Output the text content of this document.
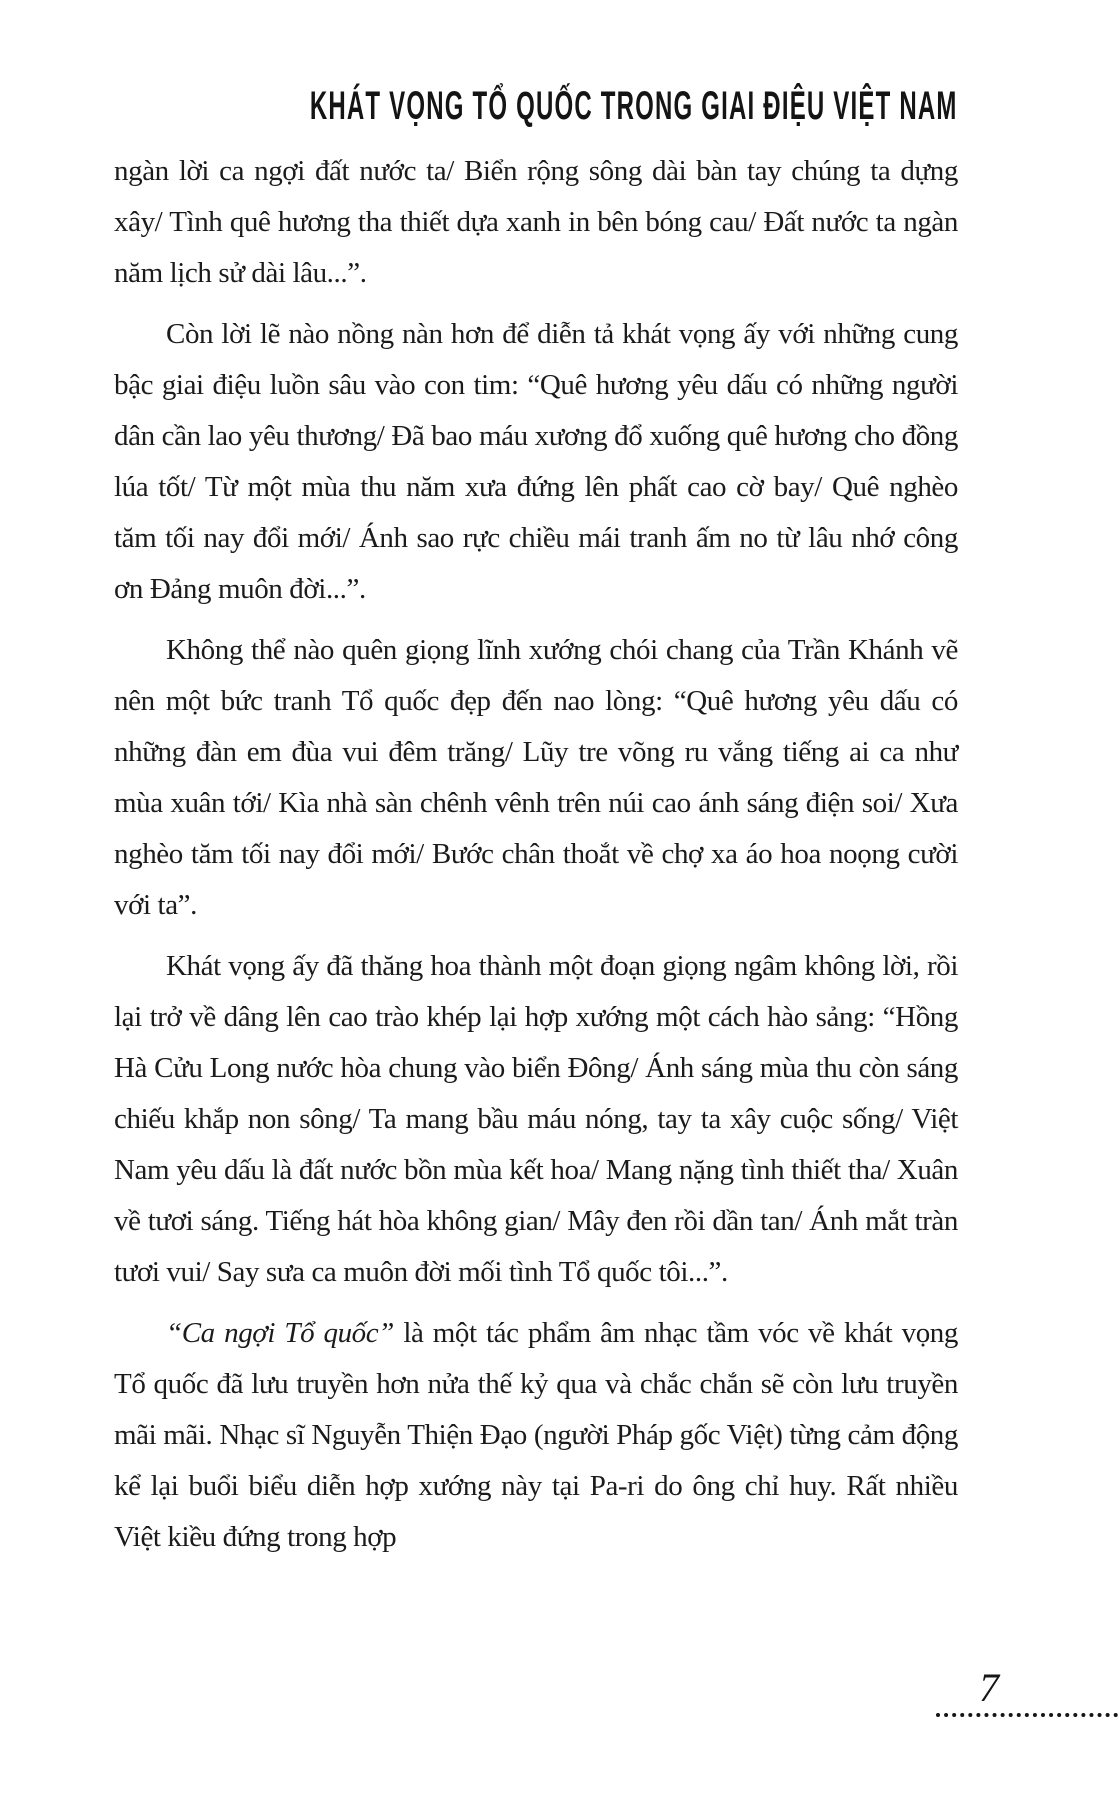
KHÁT VỌNG TỔ QUỐC TRONG GIAI ĐIỆU VIỆT NAM

ngàn lời ca ngợi đất nước ta/ Biển rộng sông dài bàn tay chúng ta dựng xây/ Tình quê hương tha thiết dựa xanh in bên bóng cau/ Đất nước ta ngàn năm lịch sử dài lâu...”.

Còn lời lẽ nào nồng nàn hơn để diễn tả khát vọng ấy với những cung bậc giai điệu luồn sâu vào con tim: “Quê hương yêu dấu có những người dân cần lao yêu thương/ Đã bao máu xương đổ xuống quê hương cho đồng lúa tốt/ Từ một mùa thu năm xưa đứng lên phất cao cờ bay/ Quê nghèo tăm tối nay đổi mới/ Ánh sao rực chiều mái tranh ấm no từ lâu nhớ công ơn Đảng muôn đời...”.

Không thể nào quên giọng lĩnh xướng chói chang của Trần Khánh vẽ nên một bức tranh Tổ quốc đẹp đến nao lòng: “Quê hương yêu dấu có những đàn em đùa vui đêm trăng/ Lũy tre võng ru vắng tiếng ai ca như mùa xuân tới/ Kìa nhà sàn chênh vênh trên núi cao ánh sáng điện soi/ Xưa nghèo tăm tối nay đổi mới/ Bước chân thoắt về chợ xa áo hoa noọng cười với ta”.

Khát vọng ấy đã thăng hoa thành một đoạn giọng ngâm không lời, rồi lại trở về dâng lên cao trào khép lại hợp xướng một cách hào sảng: “Hồng Hà Cửu Long nước hòa chung vào biển Đông/ Ánh sáng mùa thu còn sáng chiếu khắp non sông/ Ta mang bầu máu nóng, tay ta xây cuộc sống/ Việt Nam yêu dấu là đất nước bồn mùa kết hoa/ Mang nặng tình thiết tha/ Xuân về tươi sáng. Tiếng hát hòa không gian/ Mây đen rồi dần tan/ Ánh mắt tràn tươi vui/ Say sưa ca muôn đời mối tình Tổ quốc tôi...”.

“Ca ngợi Tổ quốc” là một tác phẩm âm nhạc tầm vóc về khát vọng Tổ quốc đã lưu truyền hơn nửa thế kỷ qua và chắc chắn sẽ còn lưu truyền mãi mãi. Nhạc sĩ Nguyễn Thiện Đạo (người Pháp gốc Việt) từng cảm động kể lại buổi biểu diễn hợp xướng này tại Pa-ri do ông chỉ huy. Rất nhiều Việt kiều đứng trong hợp

7
